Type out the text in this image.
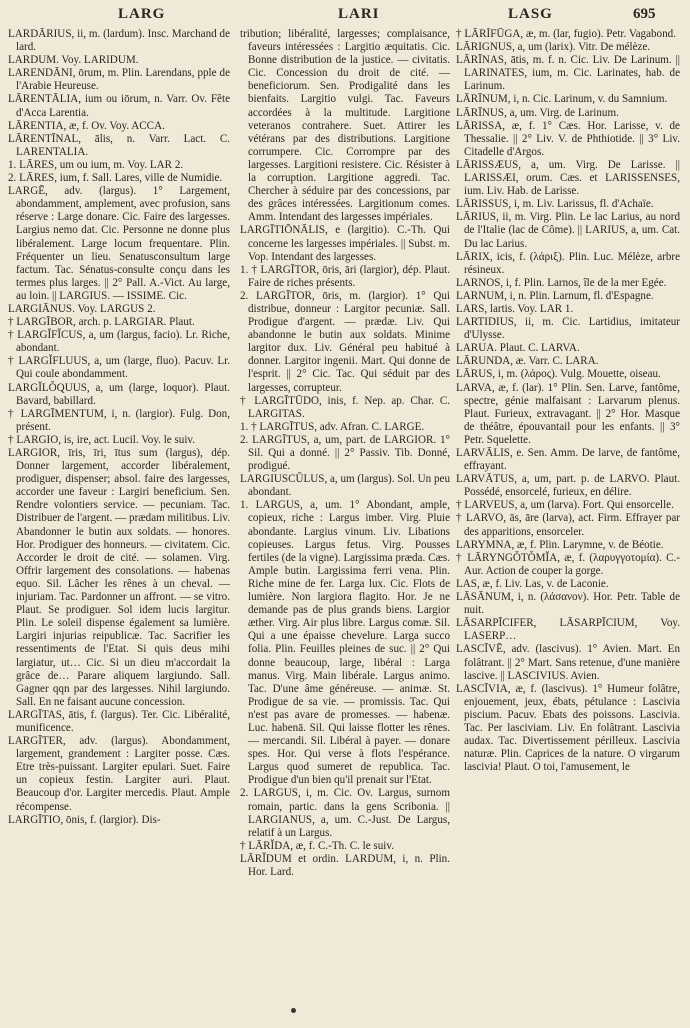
LARG	LARI	LASG	695

LARDĀRIUS, ii, m. (lardum). Insc. Marchand de lard.

LARDUM. Voy. LARIDUM.

LARENDĀNI, ōrum, m. Plin. Larendans, pple de l'Arabie Heureuse.

LĀRENTĀLIA, ium ou iōrum, n. Varr. Ov. Fête d'Acca Larentia.

LĀRENTIA, æ, f. Ov. Voy. ACCA.

LĀRENTĪNAL, ālis, n. Varr. Lact. C. LARENTALIA.

1. LĀRES, um ou ium, m. Voy. LAR 2.

2. LĀRES, ium, f. Sall. Lares, ville de Numidie.

LARGĒ, adv. (largus). 1° Largement, abondamment, amplement, avec profusion, sans réserve : Large donare. Cic. Faire des largesses. Largius nemo dat. Cic. Personne ne donne plus libéralement. Large locum frequentare. Plin. Fréquenter un lieu. Senatusconsultum large factum. Tac. Sénatus-consulte conçu dans les termes plus larges. || 2° Pall. A.-Vict. Au large, au loin. || LARGIUS. — ISSIME. Cic.

LARGIĀNUS. Voy. LARGUS 2.

† LARGĪBOR, arch. p. LARGIAR. Plaut.

† LARGĬFĬCUS, a, um (largus, facio). Lr. Riche, abondant.

† LARGĬFLUUS, a, um (large, fluo). Pacuv. Lr. Qui coule abondamment.

LARGĬLŎQUUS, a, um (large, loquor). Plaut. Bavard, babillard.

† LARGĪMENTUM, i, n. (largior). Fulg. Don, présent.

† LARGIO, is, ire, act. Lucil. Voy. le suiv.

LARGIOR, īris, īri, ītus sum (largus), dép. Donner largement, accorder libéralement, prodiguer, dispenser; absol. faire des largesses, accorder une faveur : Largiri beneficium. Sen. Rendre volontiers service. — pecuniam. Tac. Distribuer de l'argent. — prædam militibus. Liv. Abandonner le butin aux soldats. — honores. Hor. Prodiguer des honneurs. — civitatem. Cic. Accorder le droit de cité. — solamen. Virg. Offrir largement des consolations. — habenas equo. Sil. Lâcher les rênes à un cheval. — injuriam. Tac. Pardonner un affront. — se vitro. Plaut. Se prodiguer. Sol idem lucis largitur. Plin. Le soleil dispense également sa lumière. Largiri injurias reipublicæ. Tac. Sacrifier les ressentiments de l'Etat. Si quis deus mihi largiatur, ut… Cic. Si un dieu m'accordait la grâce de… Parare aliquem largiundo. Sall. Gagner qqn par des largesses. Nihil largiundo. Sall. En ne faisant aucune concession.

LARGĪTAS, ātis, f. (largus). Ter. Cic. Libéralité, munificence.

LARGĪTER, adv. (largus). Abondamment, largement, grandement : Largiter posse. Cæs. Etre très-puissant. Largiter epulari. Suet. Faire un copieux festin. Largiter auri. Plaut. Beaucoup d'or. Largiter mercedis. Plaut. Ample récompense.

LARGĪTIO, ōnis, f. (largior). Dis-

tribution; libéralité, largesses; complaisance, faveurs intéressées : Largitio æquitatis. Cic. Bonne distribution de la justice. — civitatis. Cic. Concession du droit de cité. — beneficiorum. Sen. Prodigalité dans les bienfaits. Largitio vulgi. Tac. Faveurs accordées à la multitude. Largitione veteranos contrahere. Suet. Attirer les vétérans par des distributions. Largitione corrumpere. Cic. Corrompre par des largesses. Largitioni resistere. Cic. Résister à la corruption. Largitione aggredi. Tac. Chercher à séduire par des concessions, par des grâces intéressées. Largitionum comes. Amm. Intendant des largesses impériales.

LARGĪTIŌNĀLIS, e (largitio). C.-Th. Qui concerne les largesses impériales. || Subst. m. Vop. Intendant des largesses.

1. † LARGĪTOR, ōris, āri (largior), dép. Plaut. Faire de riches présents.

2. LARGĪTOR, ōris, m. (largior). 1° Qui distribue, donneur : Largitor pecuniæ. Sall. Prodigue d'argent. — prædæ. Liv. Qui abandonne le butin aux soldats. Minime largitor dux. Liv. Général peu habitué à donner. Largitor ingenii. Mart. Qui donne de l'esprit. || 2° Cic. Tac. Qui séduit par des largesses, corrupteur.

† LARGĪTŪDO, inis, f. Nep. ap. Char. C. LARGITAS.

1. † LARGĪTUS, adv. Afran. C. LARGE.

2. LARGĪTUS, a, um, part. de LARGIOR. 1° Sil. Qui a donné. || 2° Passiv. Tib. Donné, prodigué.

LARGIUSCŬLUS, a, um (largus). Sol. Un peu abondant.

1. LARGUS, a, um. 1° Abondant, ample, copieux, riche : Largus imber. Virg. Pluie abondante. Largius vinum. Liv. Libations copieuses. Largus fetus. Virg. Pousses fertiles (de la vigne). Largissima præda. Cæs. Ample butin. Largissima ferri vena. Plin. Riche mine de fer. Larga lux. Cic. Flots de lumière. Non largiora flagito. Hor. Je ne demande pas de plus grands biens. Largior æther. Virg. Air plus libre. Largus comæ. Sil. Qui a une épaisse chevelure. Larga succo folia. Plin. Feuilles pleines de suc. || 2° Qui donne beaucoup, large, libéral : Larga manus. Virg. Main libérale. Largus animo. Tac. D'une âme généreuse. — animæ. St. Prodigue de sa vie. — promissis. Tac. Qui n'est pas avare de promesses. — habenæ. Luc. habenā. Sil. Qui laisse flotter les rênes. — mercandi. Sil. Libéral à payer. — donare spes. Hor. Qui verse à flots l'espérance. Largus quod sumeret de republica. Tac. Prodigue d'un bien qu'il prenait sur l'Etat.

2. LARGUS, i, m. Cic. Ov. Largus, surnom romain, partic. dans la gens Scribonia. || LARGIANUS, a, um. C.-Just. De Largus, relatif à un Largus.

† LĀRĬDA, æ, f. C.-Th. C. le suiv.

LĀRĬDUM et ordin. LARDUM, i, n. Plin. Hor. Lard.

† LĀRĬFŪGA, æ, m. (lar, fugio). Petr. Vagabond.

LĀRIGNUS, a, um (larix). Vitr. De mélèze.

LĀRĪNAS, ātis, m. f. n. Cic. Liv. De Larinum. || LARINATES, ium, m. Cic. Larinates, hab. de Larinum.

LĀRĪNUM, i, n. Cic. Larinum, v. du Samnium.

LĀRĪNUS, a, um. Virg. de Larinum.

LĀRISSA, æ, f. 1° Cæs. Hor. Larisse, v. de Thessalie. || 2° Liv. V. de Phthiotide. || 3° Liv. Citadelle d'Argos.

LĀRISSÆUS, a, um. Virg. De Larisse. || LARISSÆI, orum. Cæs. et LARISSENSES, ium. Liv. Hab. de Larisse.

LĀRISSUS, i, m. Liv. Larissus, fl. d'Achaïe.

LĀRIUS, ii, m. Virg. Plin. Le lac Larius, au nord de l'Italie (lac de Côme). || LARIUS, a, um. Cat. Du lac Larius.

LĀRIX, icis, f. (λάριξ). Plin. Luc. Mélèze, arbre résineux.

LARNOS, i, f. Plin. Larnos, île de la mer Egée.

LARNUM, i, n. Plin. Larnum, fl. d'Espagne.

LARS, lartis. Voy. LAR 1.

LARTIDIUS, ii, m. Cic. Lartidius, imitateur d'Ulysse.

LARUA. Plaut. C. LARVA.

LĀRUNDA, æ. Varr. C. LARA.

LĀRUS, i, m. (λάρος). Vulg. Mouette, oiseau.

LARVA, æ, f. (lar). 1° Plin. Sen. Larve, fantôme, spectre, génie malfaisant : Larvarum plenus. Plaut. Furieux, extravagant. || 2° Hor. Masque de théâtre, épouvantail pour les enfants. || 3° Petr. Squelette.

LARVĀLIS, e. Sen. Amm. De larve, de fantôme, effrayant.

LARVĀTUS, a, um, part. p. de LARVO. Plaut. Possédé, ensorcelé, furieux, en délire.

† LARVEUS, a, um (larva). Fort. Qui ensorcelle.

† LARVO, ās, āre (larva), act. Firm. Effrayer par des apparitions, ensorceler.

LARYMNA, æ, f. Plin. Larymne, v. de Béotie.

† LĀRYNGŎTŎMĬA, æ, f. (λαρυγγοτομία). C.-Aur. Action de couper la gorge.

LAS, æ, f. Liv. Las, v. de Laconie.

LĀSĀNUM, i, n. (λάσανον). Hor. Petr. Table de nuit.

LĀSARPĪCIFER, LĀSARPĪCIUM, Voy. LASERP…

LASCĪVĒ, adv. (lascivus). 1° Avien. Mart. En folâtrant. || 2° Mart. Sans retenue, d'une manière lascive. || LASCIVIUS. Avien.

LASCĪVIA, æ, f. (lascivus). 1° Humeur folâtre, enjouement, jeux, ébats, pétulance : Lascivia piscium. Pacuv. Ebats des poissons. Lascivia. Tac. Per lasciviam. Liv. En folâtrant. Lascivia audax. Tac. Divertissement périlleux. Lascivia naturæ. Plin. Caprices de la nature. O virgarum lascivia! Plaut. O toi, l'amusement, le
